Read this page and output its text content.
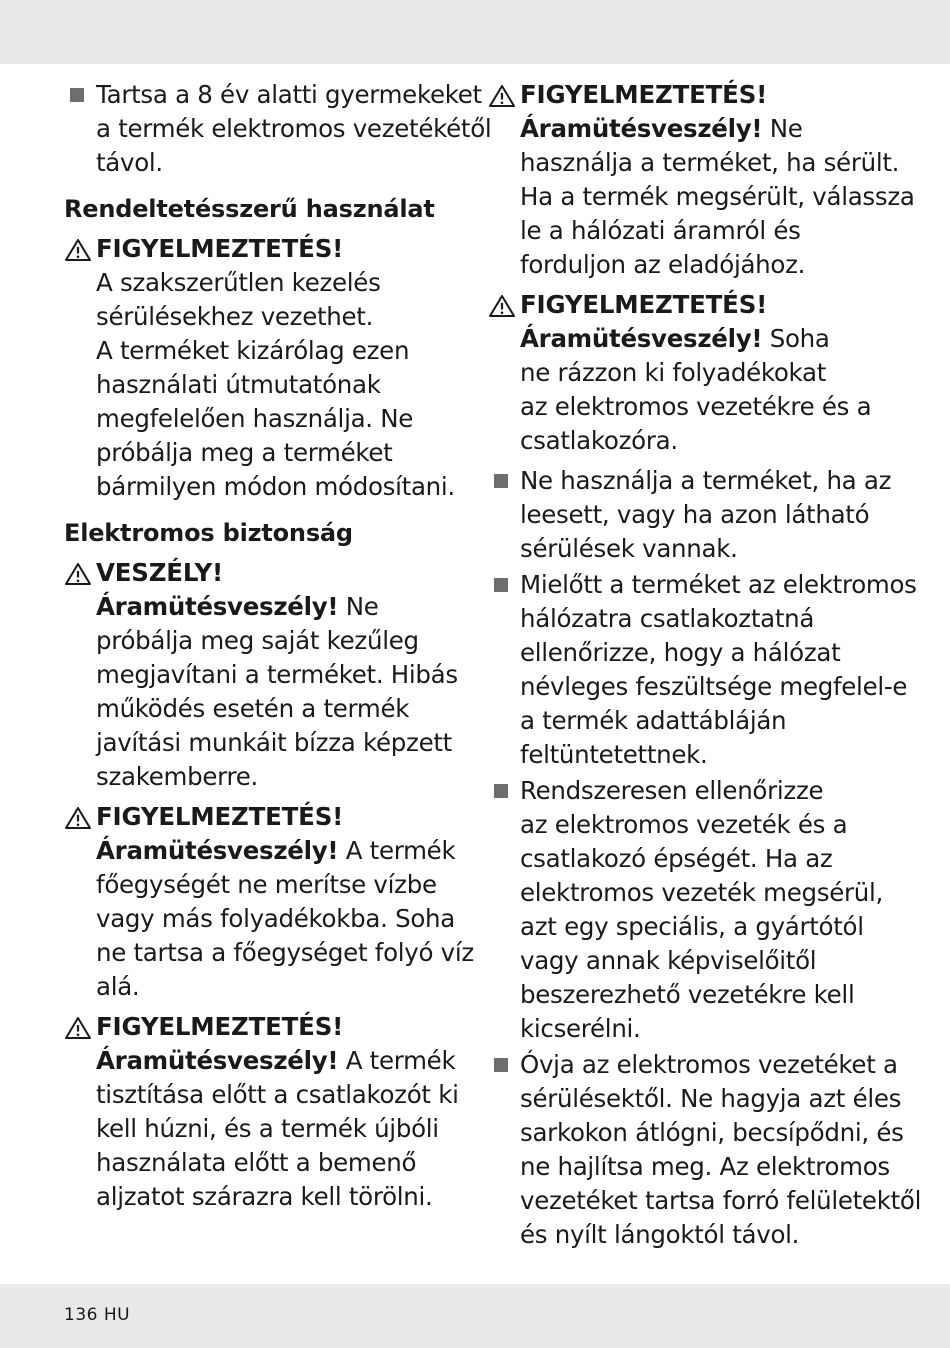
Tartsa a 8 év alatti gyermekeket
a termék elektromos vezetékétől
távol.
Rendeltetésszerű használat
FIGYELMEZTETÉS!
A szakszerűtlen kezelés
sérülésekhez vezethet.
A terméket kizárólag ezen
használati útmutatónak
megfelelően használja. Ne
próbálja meg a terméket
bármilyen módon módosítani.
Elektromos biztonság
VESZÉLY!
Áramütésveszély! Ne
próbálja meg saját kezűleg
megjavítani a terméket. Hibás
működés esetén a termék
javítási munkáit bízza képzett
szakemberre.
FIGYELMEZTETÉS!
Áramütésveszély! A termék
főegységét ne merítse vízbe
vagy más folyadékokba. Soha
ne tartsa a főegységet folyó víz
alá.
FIGYELMEZTETÉS!
Áramütésveszély! A termék
tisztítása előtt a csatlakozót ki
kell húzni, és a termék újbóli
használata előtt a bemenő
aljzatot szárazra kell törölni.
FIGYELMEZTETÉS!
Áramütésveszély! Ne
használja a terméket, ha sérült.
Ha a termék megsérült, válassza
le a hálózati áramról és
forduljon az eladójához.
FIGYELMEZTETÉS!
Áramütésveszély! Soha
ne rázzon ki folyadékokat
az elektromos vezetékre és a
csatlakozóra.
Ne használja a terméket, ha az
leesett, vagy ha azon látható
sérülések vannak.
Mielőtt a terméket az elektromos
hálózatra csatlakoztatná
ellenőrizze, hogy a hálózat
névleges feszültsége megfelel-e
a termék adattábláján
feltüntetettnek.
Rendszeresen ellenőrizze
az elektromos vezeték és a
csatlakozó épségét. Ha az
elektromos vezeték megsérül,
azt egy speciális, a gyártótól
vagy annak képviselőitől
beszerezhető vezetékre kell
kicserélni.
Óvja az elektromos vezetéket a
sérülésektől. Ne hagyja azt éles
sarkokon átlógni, becsípődni, és
ne hajlítsa meg. Az elektromos
vezetéket tartsa forró felületektől
és nyílt lángoktól távol.
136 HU
